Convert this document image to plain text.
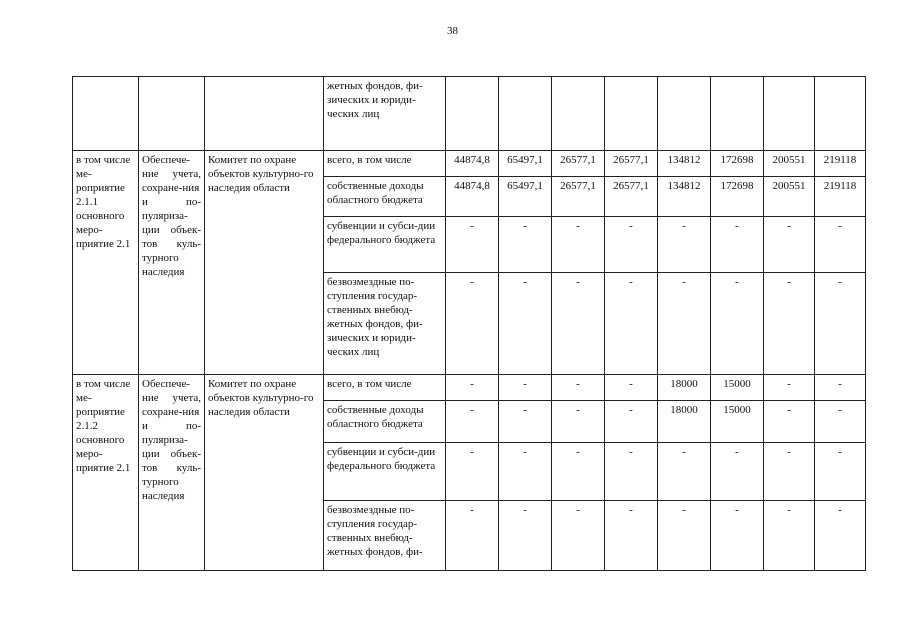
38
			жетных фондов, фи-зических и юриди-ческих лиц								
в том числе ме-роприятие 2.1.1 основного меро-приятие 2.1	Обеспече-ние учета, сохране-ния и по-пуляриза-ции объек-тов куль-турного наследия	Комитет по охране объектов культурно-го наследия области	всего, в том числе	44874,8	65497,1	26577,1	26577,1	134812	172698	200551	219118
			собственные доходы областного бюджета	44874,8	65497,1	26577,1	26577,1	134812	172698	200551	219118
			субвенции и субси-дии федерального бюджета	-	-	-	-	-	-	-	-
			безвозмездные по-ступления государ-ственных внебюд-жетных фондов, фи-зических и юриди-ческих лиц	-	-	-	-	-	-	-	-
в том числе ме-роприятие 2.1.2 основного меро-приятие 2.1	Обеспече-ние учета, сохране-ния и по-пуляриза-ции объек-тов куль-турного наследия	Комитет по охране объектов культурно-го наследия области	всего, в том числе	-	-	-	-	18000	15000	-	-
			собственные доходы областного бюджета	-	-	-	-	18000	15000	-	-
			субвенции и субси-дии федерального бюджета	-	-	-	-	-	-	-	-
			безвозмездные по-ступления государ-ственных внебюд-жетных фондов, фи-	-	-	-	-	-	-	-	-
